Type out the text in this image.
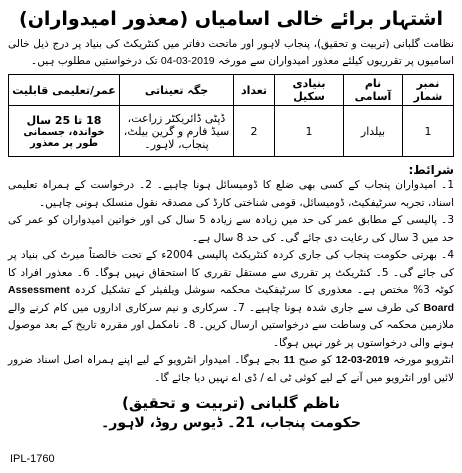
اشتہار برائے خالی اسامیاں (معذور امیدواران)
نظامت گلبانی (تربیت و تحقیق)، پنجاب لاہور اور ماتحت دفاتر میں کنٹریکٹ کی بنیاد پر درج ذیل خالی اسامیوں پر تقرریوں کیلئے معذور امیدواران سے مورخہ 04-03-2019 تک درخواستیں مطلوب ہیں۔
نمبر شمار	نام آسامی	بنیادی سکیل	تعداد	جگہ تعیناتی	عمر/تعلیمی قابلیت
1	بیلدار	1	2	ڈپٹی ڈائریکٹر زراعت، سیڈ فارم و گرین بیلٹ، پنجاب، لاہور۔	18 تا 25 سال
خواندہ، جسمانی طور پر معذور
شرائط:

1۔ امیدواران پنجاب کے کسی بھی ضلع کا ڈومیسائل ہونا چاہیے۔ 2۔ درخواست کے ہمراہ تعلیمی اسناد، تجربہ سرٹیفکیٹ، ڈومیسائل، قومی شناختی کارڈ کی مصدقہ نقول منسلک ہونی چاہیں۔

3۔ پالیسی کے مطابق عمر کی حد میں زیادہ سے زیادہ 5 سال کی اور خواتین امیدواران کو عمر کی حد میں 3 سال کی رعایت دی جائے گی۔ کی حد 8 سال ہے۔

4۔ بھرتی حکومت پنجاب کی جاری کردہ کنٹریکٹ پالیسی 2004ء کے تحت خالصتاً میرٹ کی بنیاد پر کی جائے گی۔ 5۔ کنٹریکٹ پر تقرری سے مستقل تقرری کا استحقاق نہیں ہوگا۔ 6۔ معذور افراد کا کوٹہ 3% مختص ہے۔ معذوری کا سرٹیفکیٹ محکمہ سوشل ویلفیئر کے تشکیل کردہ Assessment Board کی طرف سے جاری شدہ ہونا چاہیے۔ 7۔ سرکاری و نیم سرکاری اداروں میں کام کرنے والے ملازمین محکمہ کی وساطت سے درخواستیں ارسال کریں۔ 8۔ نامکمل اور مقررہ تاریخ کے بعد موصول ہونے والی درخواستوں پر غور نہیں ہوگا۔

انٹرویو مورخہ 12-03-2019 کو صبح 11 بجے ہوگا۔ امیدوار انٹرویو کے لیے اپنے ہمراہ اصل اسناد ضرور لائیں اور انٹرویو میں آنے کے لیے کوئی ٹی اے / ڈی اے نہیں دیا جائے گا۔

ناظم گلبانی (تربیت و تحقیق)
حکومت پنجاب، 21۔ ڈیوس روڈ، لاہور۔
IPL-1760
